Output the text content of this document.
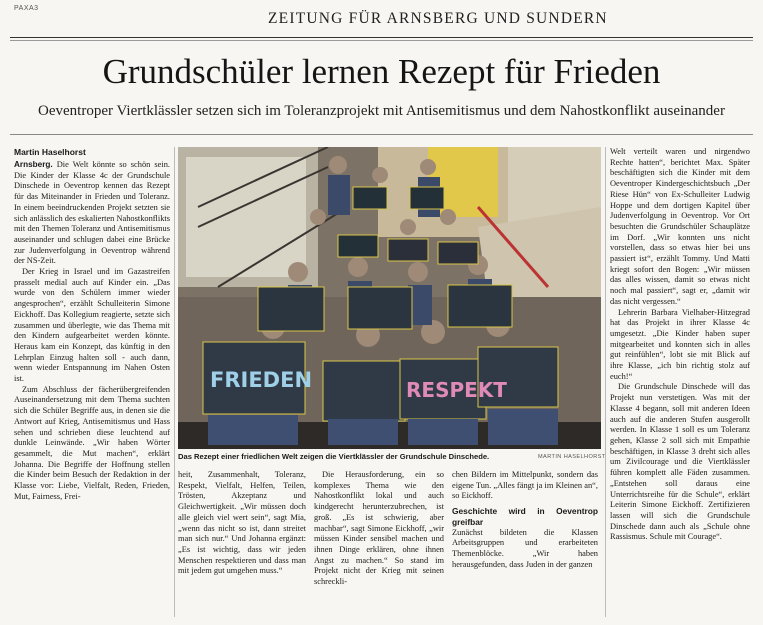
PAXA3
ZEITUNG FÜR ARNSBERG UND SUNDERN
Grundschüler lernen Rezept für Frieden
Oeventroper Viertklässler setzen sich im Toleranzprojekt mit Antisemitismus und dem Nahostkonflikt auseinander
Martin Haselhorst

Arnsberg. Die Welt könnte so schön sein. Die Kinder der Klasse 4c der Grundschule Dinschede in Oeventrop kennen das Rezept für das Miteinander in Frieden und Toleranz. In einem beeindruckenden Projekt setzten sie sich anlässlich des eskalierten Nahostkonflikts mit den Themen Toleranz und Antisemitismus auseinander und schlugen dabei eine Brücke zur Judenverfolgung in Oeventrop während der NS-Zeit.

Der Krieg in Israel und im Gazastreifen prasselt medial auch auf Kinder ein. „Das wurde von den Schülern immer wieder angesprochen“, erzählt Schulleiterin Simone Eickhoff. Das Kollegium reagierte, setzte sich zusammen und überlegte, wie das Thema mit den Kindern aufgearbeitet werden könnte. Heraus kam ein Konzept, das künftig in den Lehrplan Einzug halten soll - auch dann, wenn wieder Entspannung im Nahen Osten ist.

Zum Abschluss der fächerübergreifenden Auseinandersetzung mit dem Thema suchten sich die Schüler Begriffe aus, in denen sie die Antwort auf Krieg, Antisemitismus und Hass sehen und schrieben diese leuchtend auf dunkle Leinwände. „Wir haben Wörter gesammelt, die Mut machen“, erklärt Johanna. Die Begriffe der Hoffnung stellen die Kinder beim Besuch der Redaktion in der Klasse vor: Liebe, Vielfalt, Reden, Frieden, Mut, Fairness, Frei-

FRIEDEN	RESPEKT
Das Rezept einer friedlichen Welt zeigen die Viertklässler der Grundschule Dinschede.	MARTIN HASELHORST

heit, Zusammenhalt, Toleranz, Respekt, Vielfalt, Helfen, Teilen, Trösten, Akzeptanz und Gleichwertigkeit. „Wir müssen doch alle gleich viel wert sein“, sagt Mia, „wenn das nicht so ist, dann streitet man sich nur.“ Und Johanna ergänzt: „Es ist wichtig, dass wir jeden Menschen respektieren und dass man mit jedem gut umgehen muss.“

Die Herausforderung, ein so komplexes Thema wie den Nahostkonflikt lokal und auch kindgerecht herunterzubrechen, ist groß. „Es ist schwierig, aber machbar“, sagt Simone Eickhoff, „wir müssen Kinder sensibel machen und ihnen Dinge erklären, ohne ihnen Angst zu machen.“ So stand im Projekt nicht der Krieg mit seinen schreckli-

chen Bildern im Mittelpunkt, sondern das eigene Tun. „Alles fängt ja im Kleinen an“, so Eickhoff.

Geschichte wird in Oeventrop greifbar

Zunächst bildeten die Klassen Arbeitsgruppen und erarbeiteten Themenblöcke. „Wir haben herausgefunden, dass Juden in der ganzen

Welt verteilt waren und nirgendwo Rechte hatten“, berichtet Max. Später beschäftigten sich die Kinder mit dem Oeventroper Kindergeschichtsbuch „Der Riese Hün“ von Ex-Schulleiter Ludwig Hoppe und dem dortigen Kapitel über Judenverfolgung in Oeventrop. Vor Ort besuchten die Grundschüler Schauplätze im Dorf. „Wir konnten uns nicht vorstellen, dass so etwas hier bei uns passiert ist“, erzählt Tommy. Und Matti kriegt sofort den Bogen: „Wir müssen das alles wissen, damit so etwas nicht noch mal passiert“, sagt er, „damit wir das nicht vergessen.“

Lehrerin Barbara Vielhaber-Hitzegrad hat das Projekt in ihrer Klasse 4c umgesetzt. „Die Kinder haben super mitgearbeitet und konnten sich in alles gut reinfühlen“, lobt sie mit Blick auf ihre Klasse, „ich bin richtig stolz auf euch!“

Die Grundschule Dinschede will das Projekt nun verstetigen. Was mit der Klasse 4 begann, soll mit anderen Ideen auch auf die anderen Stufen ausgerollt werden. In Klasse 1 soll es um Toleranz gehen, Klasse 2 soll sich mit Empathie beschäftigen, in Klasse 3 dreht sich alles um Zivilcourage und die Viertklässler führen komplett alle Fäden zusammen. „Entstehen soll daraus eine Unterrichtsreihe für die Schule“, erklärt Leiterin Simone Eickhoff. Zertifizieren lassen will sich die Grundschule Dinschede dann auch als „Schule ohne Rassismus. Schule mit Courage“.
